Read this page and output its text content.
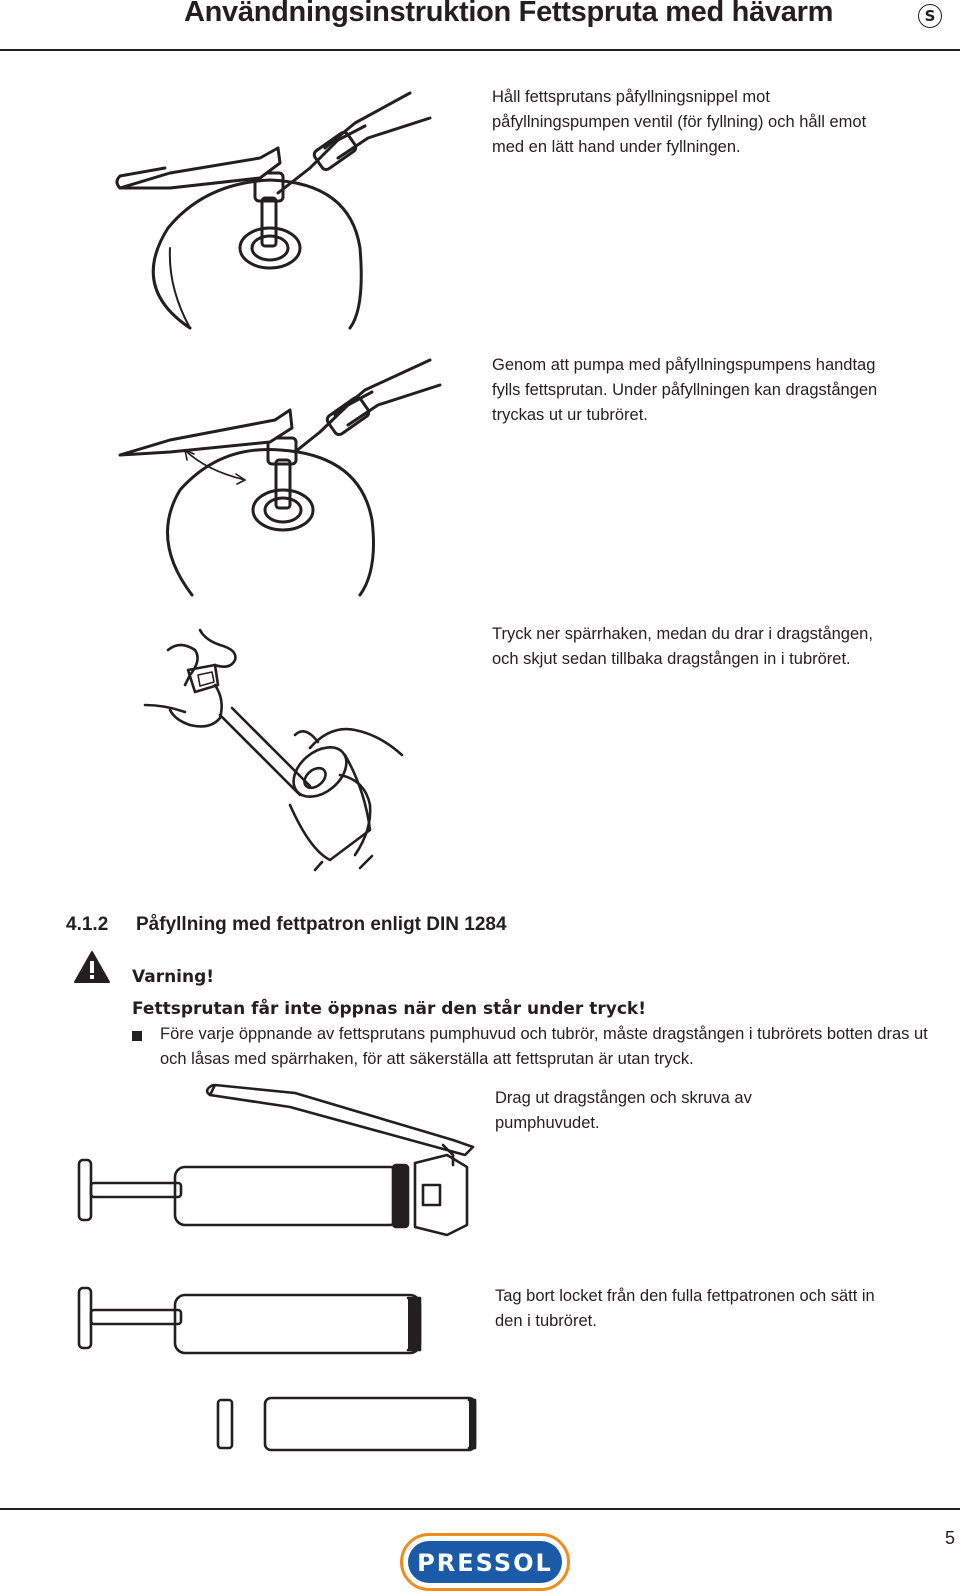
Användningsinstruktion Fettspruta med hävarm	S
Håll fettsprutans påfyllningsnippel mot påfyllningspumpen ventil (för fyllning) och håll emot med en lätt hand under fyllningen.
Genom att pumpa med påfyllningspumpens handtag fylls fettsprutan. Under påfyllningen kan dragstången tryckas ut ur tubröret.
Tryck ner spärrhaken, medan du drar i dragstången, och skjut sedan tillbaka dragstången in i tubröret.
4.1.2 Påfyllning med fettpatron enligt DIN 1284
Varning!
Fettsprutan får inte öppnas när den står under tryck!
Före varje öppnande av fettsprutans pumphuvud och tubrör, måste dragstången i tubrörets botten dras ut och låsas med spärrhaken, för att säkerställa att fettsprutan är utan tryck.
Drag ut dragstången och skruva av pumphuvudet.
Tag bort locket från den fulla fettpatronen och sätt in den i tubröret.
PRESSOL
5
